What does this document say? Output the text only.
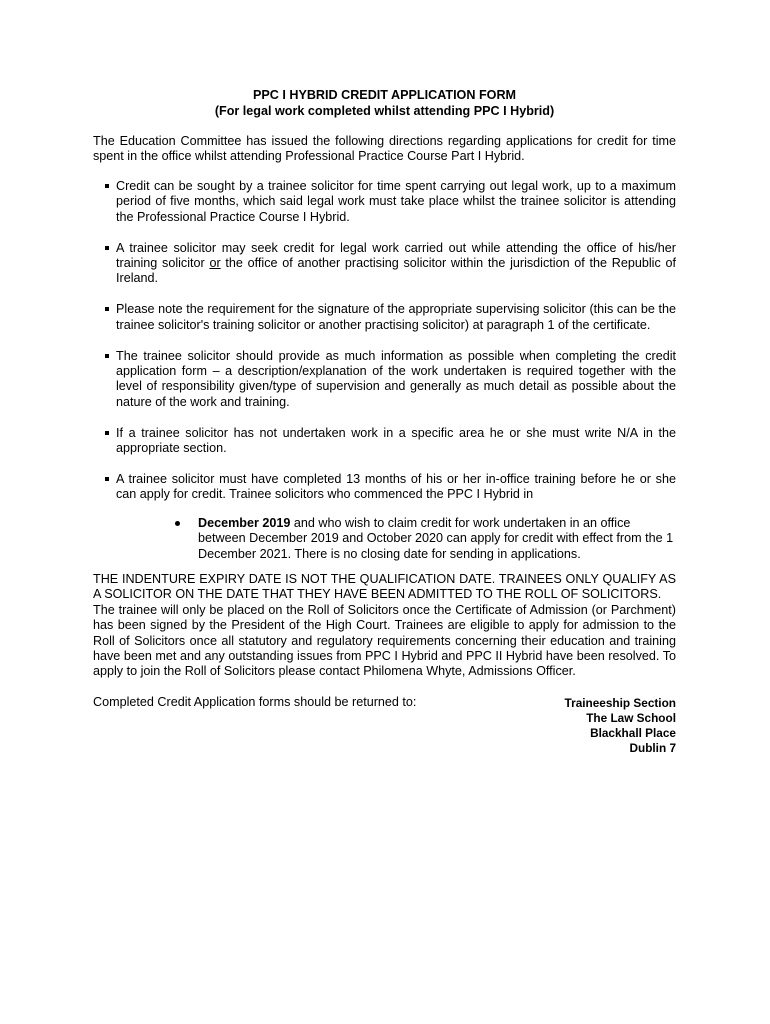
PPC I HYBRID CREDIT APPLICATION FORM
(For legal work completed whilst attending PPC I Hybrid)
The Education Committee has issued the following directions regarding applications for credit for time spent in the office whilst attending Professional Practice Course Part I Hybrid.
Credit can be sought by a trainee solicitor for time spent carrying out legal work, up to a maximum period of five months, which said legal work must take place whilst the trainee solicitor is attending the Professional Practice Course I Hybrid.
A trainee solicitor may seek credit for legal work carried out while attending the office of his/her training solicitor or the office of another practising solicitor within the jurisdiction of the Republic of Ireland.
Please note the requirement for the signature of the appropriate supervising solicitor (this can be the trainee solicitor's training solicitor or another practising solicitor) at paragraph 1 of the certificate.
The trainee solicitor should provide as much information as possible when completing the credit application form – a description/explanation of the work undertaken is required together with the level of responsibility given/type of supervision and generally as much detail as possible about the nature of the work and training.
If a trainee solicitor has not undertaken work in a specific area he or she must write N/A in the appropriate section.
A trainee solicitor must have completed 13 months of his or her in-office training before he or she can apply for credit. Trainee solicitors who commenced the PPC I Hybrid in
December 2019 and who wish to claim credit for work undertaken in an office between December 2019 and October 2020 can apply for credit with effect from the 1 December 2021. There is no closing date for sending in applications.
THE INDENTURE EXPIRY DATE IS NOT THE QUALIFICATION DATE. TRAINEES ONLY QUALIFY AS A SOLICITOR ON THE DATE THAT THEY HAVE BEEN ADMITTED TO THE ROLL OF SOLICITORS.
The trainee will only be placed on the Roll of Solicitors once the Certificate of Admission (or Parchment) has been signed by the President of the High Court. Trainees are eligible to apply for admission to the Roll of Solicitors once all statutory and regulatory requirements concerning their education and training have been met and any outstanding issues from PPC I Hybrid and PPC II Hybrid have been resolved. To apply to join the Roll of Solicitors please contact Philomena Whyte, Admissions Officer.
Completed Credit Application forms should be returned to:	Traineeship Section
The Law School
Blackhall Place
Dublin 7
